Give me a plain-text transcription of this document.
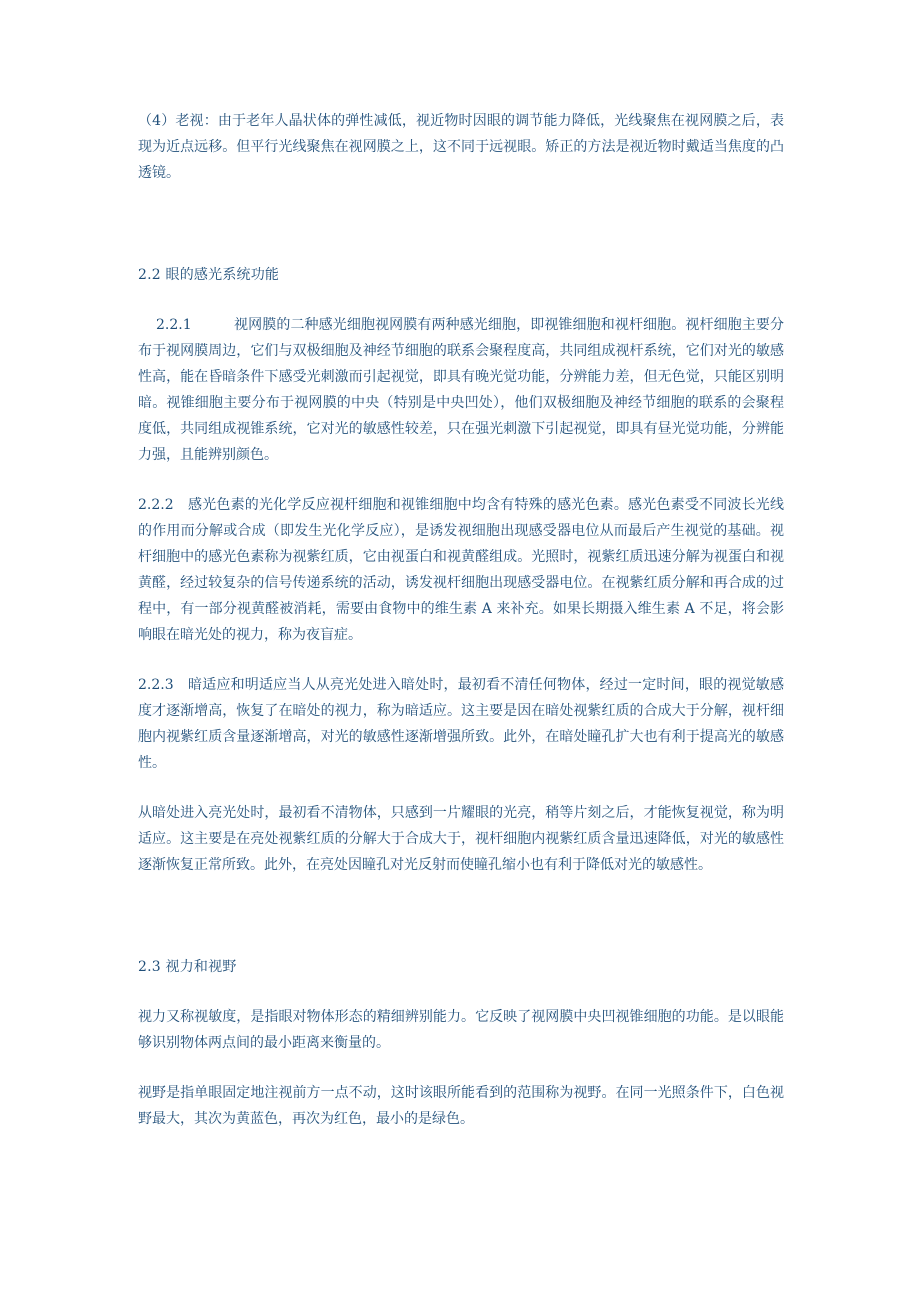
（4）老视：由于老年人晶状体的弹性减低，视近物时因眼的调节能力降低，光线聚焦在视网膜之后，表现为近点远移。但平行光线聚焦在视网膜之上，这不同于远视眼。矫正的方法是视近物时戴适当焦度的凸透镜。

2.2 眼的感光系统功能

2.2.1　　　视网膜的二种感光细胞视网膜有两种感光细胞，即视锥细胞和视杆细胞。视杆细胞主要分布于视网膜周边，它们与双极细胞及神经节细胞的联系会聚程度高，共同组成视杆系统，它们对光的敏感性高，能在昏暗条件下感受光刺激而引起视觉，即具有晚光觉功能，分辨能力差，但无色觉，只能区别明暗。视锥细胞主要分布于视网膜的中央（特别是中央凹处），他们双极细胞及神经节细胞的联系的会聚程度低，共同组成视锥系统，它对光的敏感性较差，只在强光刺激下引起视觉，即具有昼光觉功能，分辨能力强，且能辨别颜色。

2.2.2　感光色素的光化学反应视杆细胞和视锥细胞中均含有特殊的感光色素。感光色素受不同波长光线的作用而分解或合成（即发生光化学反应），是诱发视细胞出现感受器电位从而最后产生视觉的基础。视杆细胞中的感光色素称为视紫红质，它由视蛋白和视黄醛组成。光照时，视紫红质迅速分解为视蛋白和视黄醛，经过较复杂的信号传递系统的活动，诱发视杆细胞出现感受器电位。在视紫红质分解和再合成的过程中，有一部分视黄醛被消耗，需要由食物中的维生素 A 来补充。如果长期摄入维生素 A 不足，将会影响眼在暗光处的视力，称为夜盲症。

2.2.3　暗适应和明适应当人从亮光处进入暗处时，最初看不清任何物体，经过一定时间，眼的视觉敏感度才逐渐增高，恢复了在暗处的视力，称为暗适应。这主要是因在暗处视紫红质的合成大于分解，视杆细胞内视紫红质含量逐渐增高，对光的敏感性逐渐增强所致。此外，在暗处瞳孔扩大也有利于提高光的敏感性。

从暗处进入亮光处时，最初看不清物体，只感到一片耀眼的光亮，稍等片刻之后，才能恢复视觉，称为明适应。这主要是在亮处视紫红质的分解大于合成大于，视杆细胞内视紫红质含量迅速降低，对光的敏感性逐渐恢复正常所致。此外，在亮处因瞳孔对光反射而使瞳孔缩小也有利于降低对光的敏感性。

2.3 视力和视野

视力又称视敏度，是指眼对物体形态的精细辨别能力。它反映了视网膜中央凹视锥细胞的功能。是以眼能够识别物体两点间的最小距离来衡量的。

视野是指单眼固定地注视前方一点不动，这时该眼所能看到的范围称为视野。在同一光照条件下，白色视野最大，其次为黄蓝色，再次为红色，最小的是绿色。
